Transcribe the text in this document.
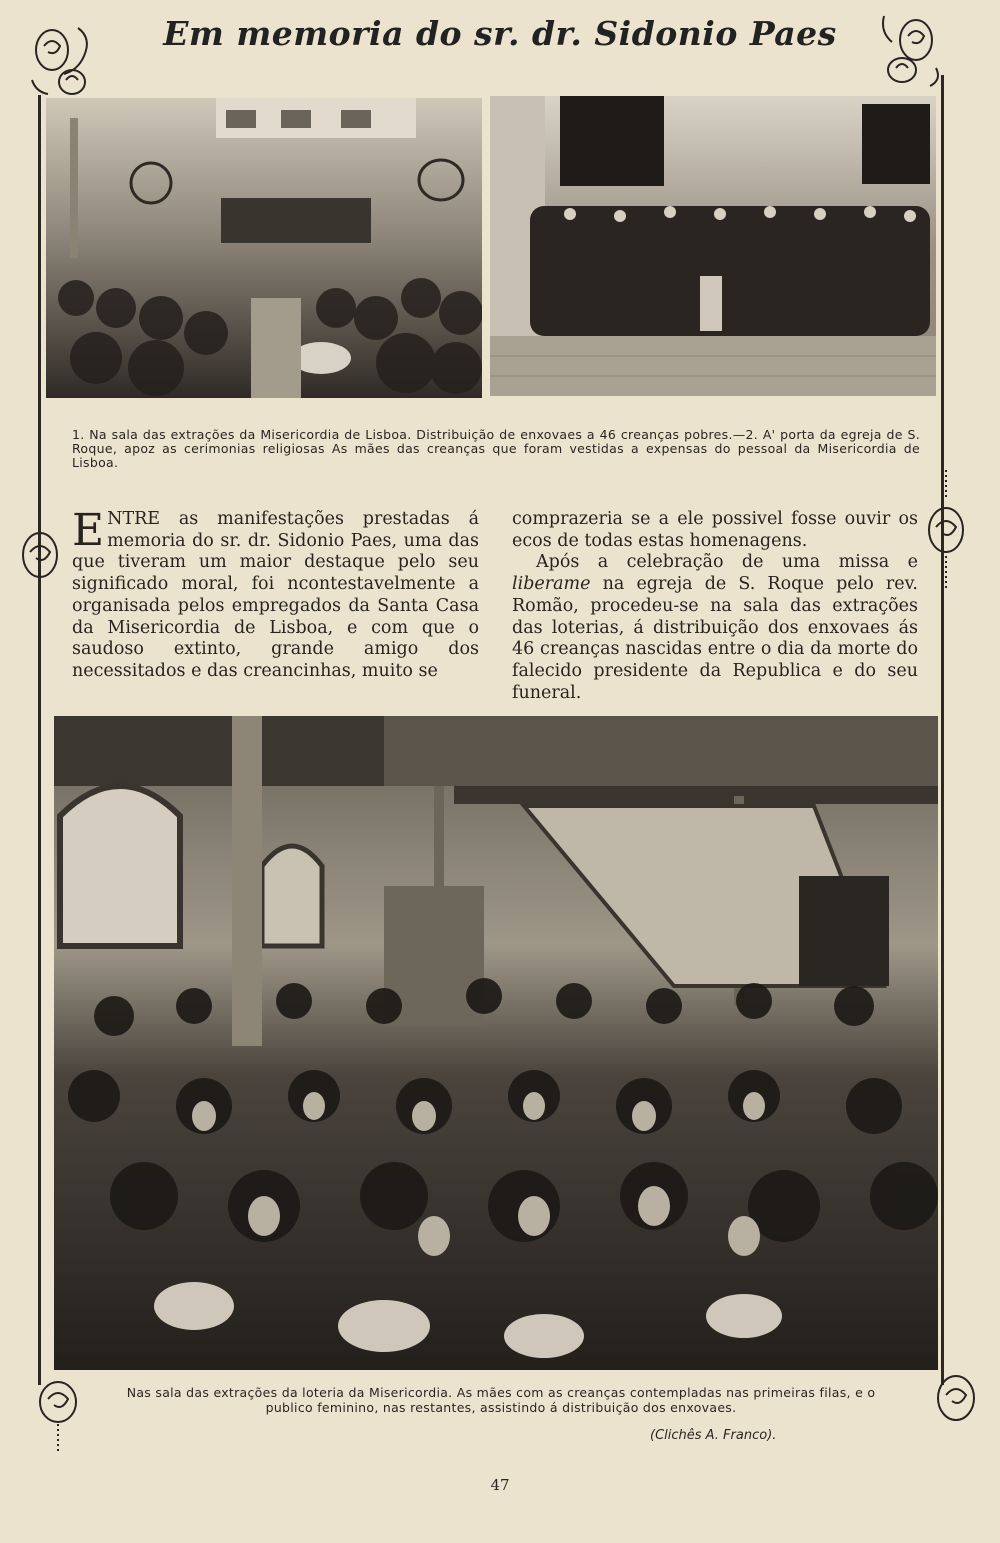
Em memoria do sr. dr. Sidonio Paes
1. Na sala das extrações da Misericordia de Lisboa. Distribuição de enxovaes a 46 creanças pobres.—2. A' porta da egreja de S. Roque, apoz as cerimonias religiosas As mães das creanças que foram vestidas a expensas do pessoal da Misericordia de Lisboa.

ENTRE as manifestações prestadas á memoria do sr. dr. Sidonio Paes, uma das que tiveram um maior destaque pelo seu significado moral, foi ncontestavelmente a organisada pelos empregados da Santa Casa da Misericordia de Lisboa, e com que o saudoso extinto, grande amigo dos necessitados e das creancinhas, muito se

comprazeria se a ele possivel fosse ouvir os ecos de todas estas homenagens.

Após a celebração de uma missa e liberame na egreja de S. Roque pelo rev. Romão, procedeu-se na sala das extrações das loterias, á distribuição dos enxovaes ás 46 creanças nascidas entre o dia da morte do falecido presidente da Republica e do seu funeral.

Nas sala das extrações da loteria da Misericordia. As mães com as creanças contempladas nas primeiras filas, e o publico feminino, nas restantes, assistindo á distribuição dos enxovaes.
(Clichês A. Franco).
47
